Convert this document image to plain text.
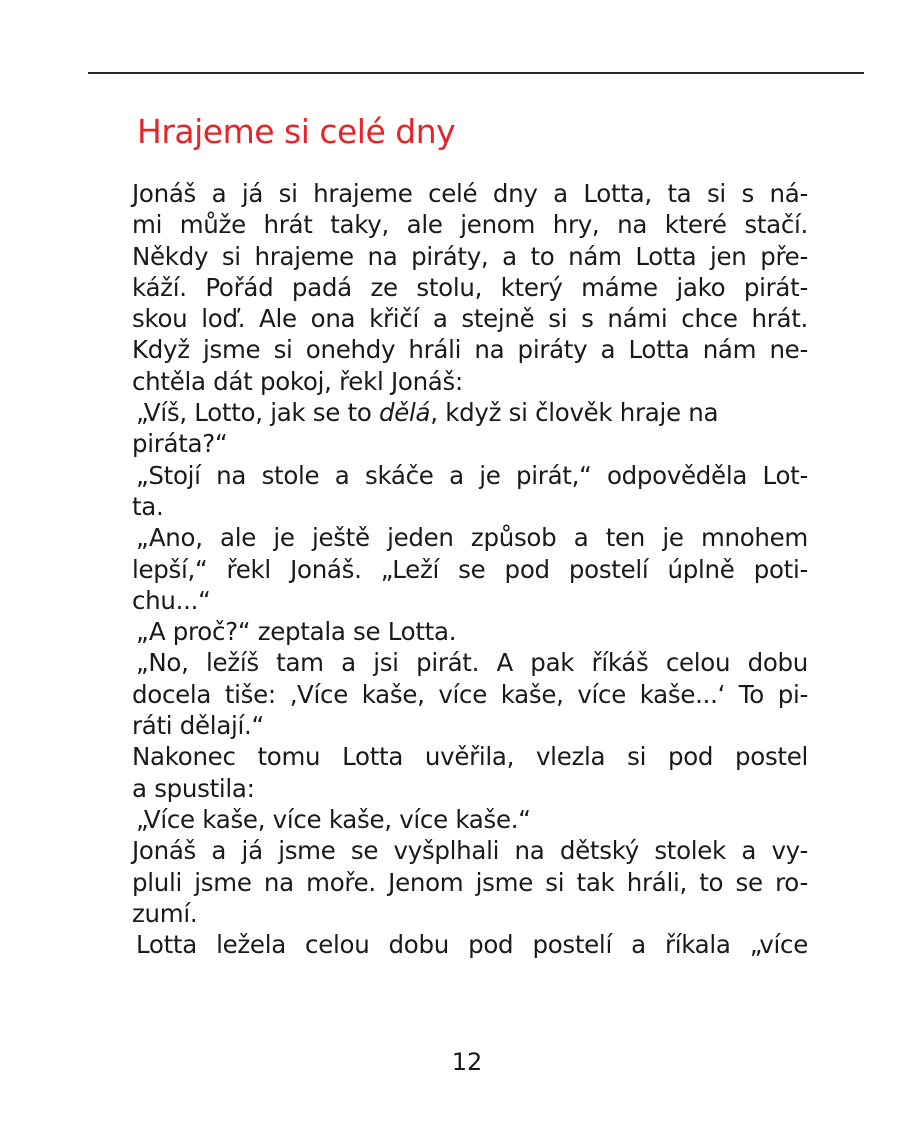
Hrajeme si celé dny

Jonáš a já si hrajeme celé dny a Lotta, ta si s ná-
mi může hrát taky, ale jenom hry, na které stačí.
Někdy si hrajeme na piráty, a to nám Lotta jen pře-
káží. Pořád padá ze stolu, který máme jako pirát-
skou loď. Ale ona křičí a stejně si s námi chce hrát.
Když jsme si onehdy hráli na piráty a Lotta nám ne-
chtěla dát pokoj, řekl Jonáš:

„Víš, Lotto, jak se to dělá, když si člověk hraje na
piráta?“

„Stojí na stole a skáče a je pirát,“ odpověděla Lot-
ta.

„Ano, ale je ještě jeden způsob a ten je mnohem
lepší,“ řekl Jonáš. „Leží se pod postelí úplně poti-
chu...“

„A proč?“ zeptala se Lotta.

„No, ležíš tam a jsi pirát. A pak říkáš celou dobu
docela tiše: ‚Více kaše, více kaše, více kaše...‘ To pi-
ráti dělají.“

Nakonec tomu Lotta uvěřila, vlezla si pod postel
a spustila:

„Více kaše, více kaše, více kaše.“

Jonáš a já jsme se vyšplhali na dětský stolek a vy-
pluli jsme na moře. Jenom jsme si tak hráli, to se ro-
zumí.

Lotta ležela celou dobu pod postelí a říkala „více

12
